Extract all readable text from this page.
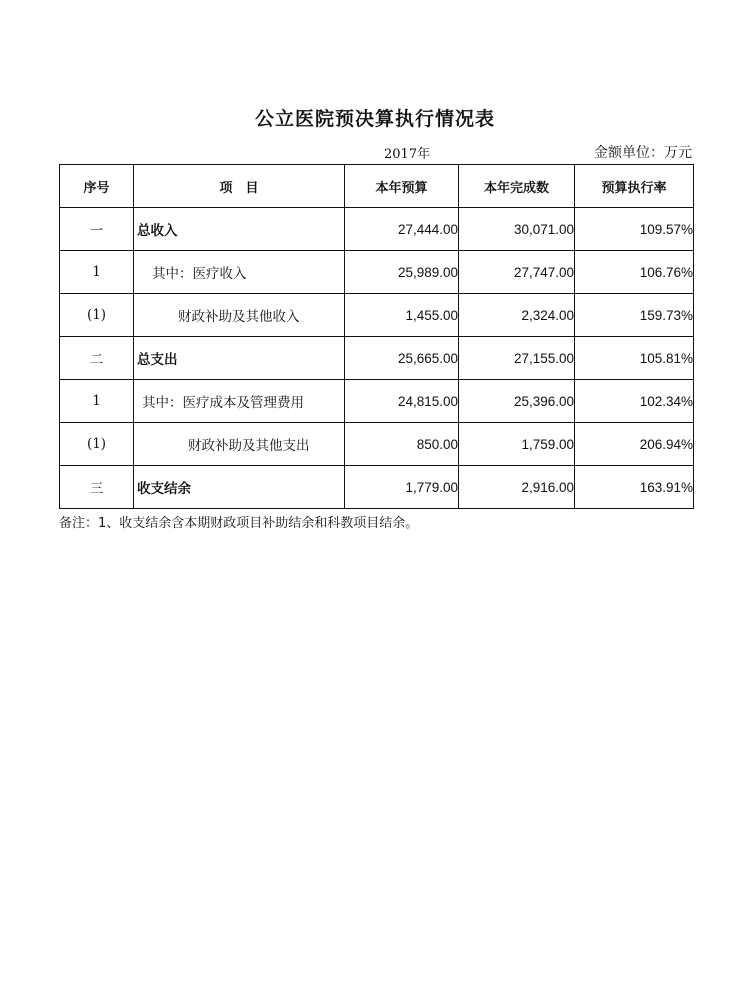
公立医院预决算执行情况表
2017年	金额单位：万元
序号	项　目	本年预算	本年完成数	预算执行率
一	总收入	27,444.00	30,071.00	109.57%
1	其中：医疗收入	25,989.00	27,747.00	106.76%
(1)	财政补助及其他收入	1,455.00	2,324.00	159.73%
二	总支出	25,665.00	27,155.00	105.81%
1	其中：医疗成本及管理费用	24,815.00	25,396.00	102.34%
(1)	财政补助及其他支出	850.00	1,759.00	206.94%
三	收支结余	1,779.00	2,916.00	163.91%
备注：1、收支结余含本期财政项目补助结余和科教项目结余。
